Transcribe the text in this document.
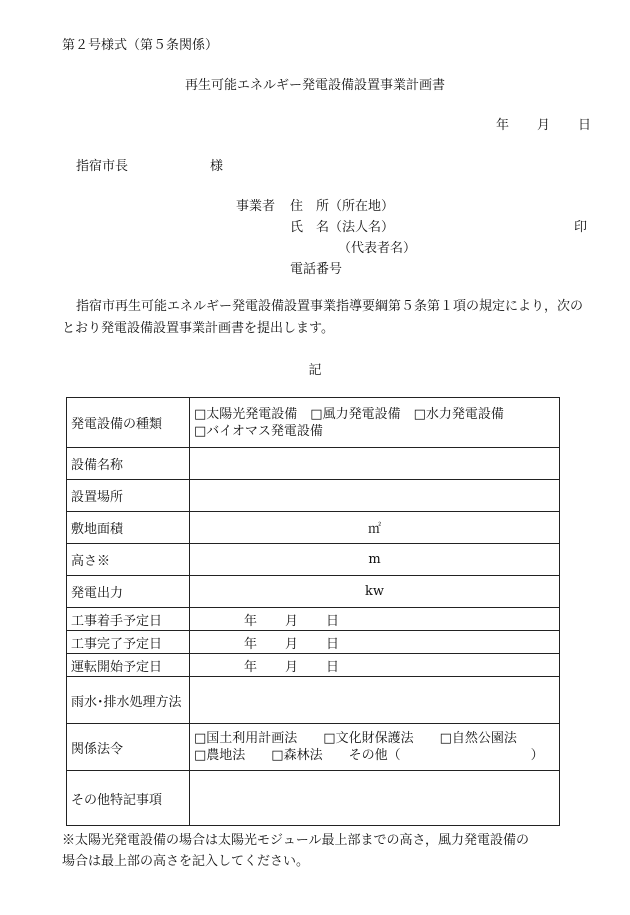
第２号様式（第５条関係）
再生可能エネルギー発電設備設置事業計画書
年 月 日
指宿市長	様
事業者 住　所（所在地）
氏　名（法人名）
（代表者名）
電話番号
印
指宿市再生可能エネルギー発電設備設置事業指導要綱第５条第１項の規定により，次のとおり発電設備設置事業計画書を提出します。
記
発電設備の種類	□太陽光発電設備　□風力発電設備　□水力発電設備
□バイオマス発電設備

設備名称	
設置場所	
敷地面積	㎡
高さ※	m
発電出力	kw
工事着手予定日	年 月 日
工事完了予定日	年 月 日
運転開始予定日	年 月 日
雨水･排水処理方法	
関係法令	□国土利用計画法　　□文化財保護法　　□自然公園法
□農地法　　□森林法　　その他（　　　　　　　　　　）

その他特記事項	
※太陽光発電設備の場合は太陽光モジュール最上部までの高さ，風力発電設備の
場合は最上部の高さを記入してください。
